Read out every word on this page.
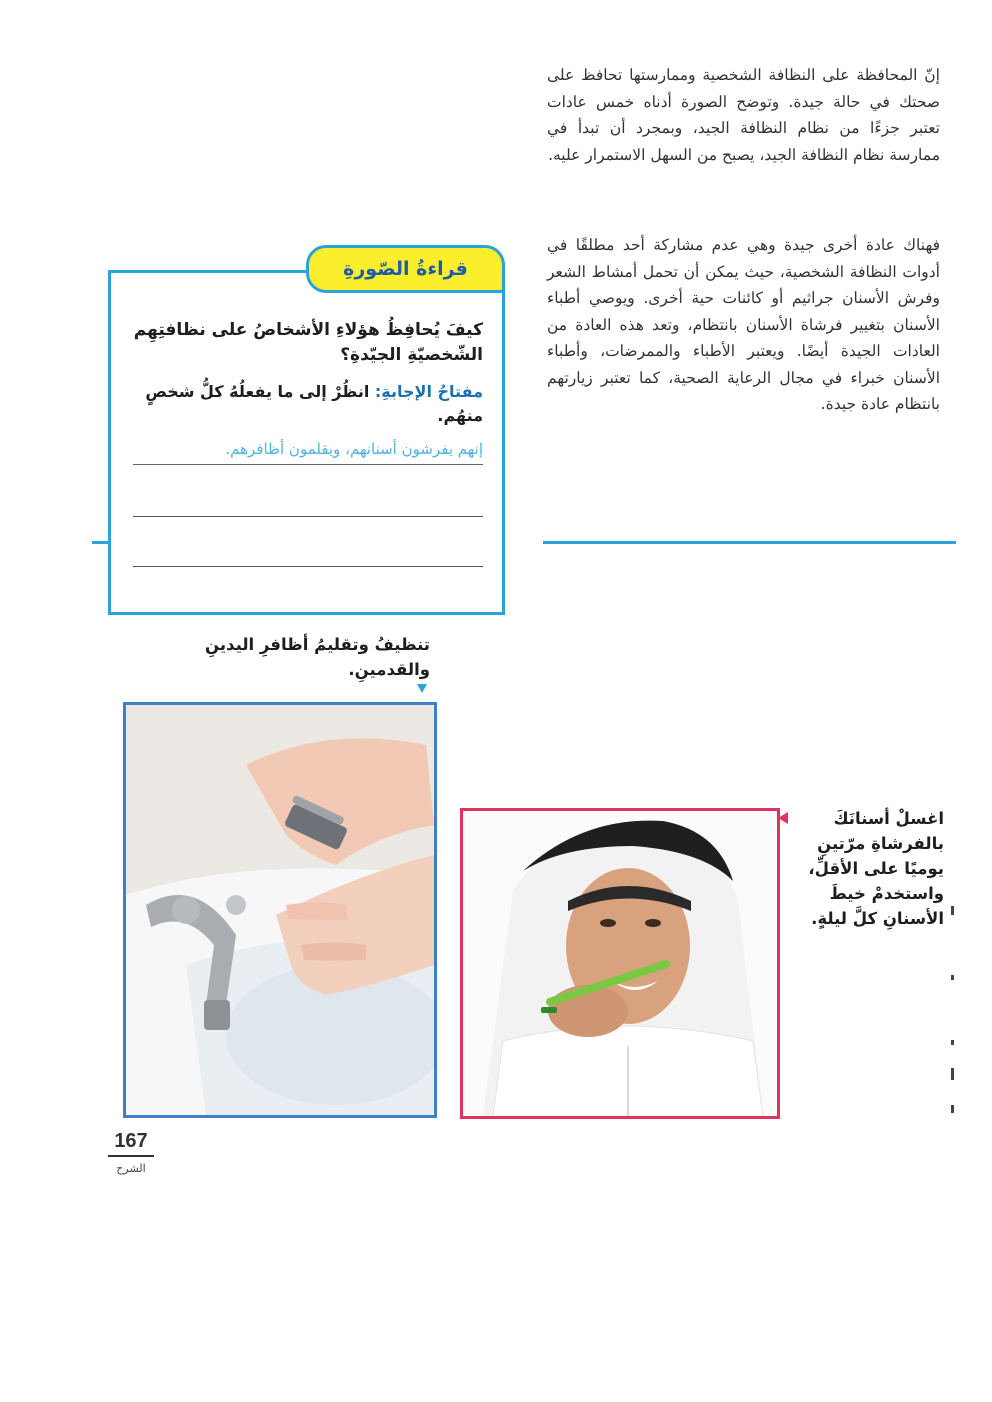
إنّ المحافظة على النظافة الشخصية وممارستها تحافظ على صحتك في حالة جيدة. وتوضح الصورة أدناه خمس عادات تعتبر جزءًا من نظام النظافة الجيد، وبمجرد أن تبدأ في ممارسة نظام النظافة الجيد، يصبح من السهل الاستمرار عليه.

فهناك عادة أخرى جيدة وهي عدم مشاركة أحد مطلقًا في أدوات النظافة الشخصية، حيث يمكن أن تحمل أمشاط الشعر وفرش الأسنان جراثيم أو كائنات حية أخرى. ويوصي أطباء الأسنان بتغيير فرشاة الأسنان بانتظام، وتعد هذه العادة من العادات الجيدة أيضًا. ويعتبر الأطباء والممرضات، وأطباء الأسنان خبراء في مجال الرعاية الصحية، كما تعتبر زيارتهم بانتظام عادة جيدة.

قراءةُ الصّورةِ

كيفَ يُحافِظُ هؤلاءِ الأشخاصُ على نظافتِهِم الشّخصيّةِ الجيّدةِ؟

مفتاحُ الإجابةِ: انظُرْ إلى ما يفعلُهُ كلُّ شخصٍ منهُم.

إنهم يفرشون أسنانهم، ويقلمون أظافرهم.

تنظيفُ وتقليمُ أظافرِ اليدينِ والقدمينِ.

اغسلْ أسنانَكَ بالفرشاةِ مرّتينِ يوميًا على الأقلِّ، واستخدمْ خيطَ الأسنانِ كلَّ ليلةٍ.

167
الشرح
